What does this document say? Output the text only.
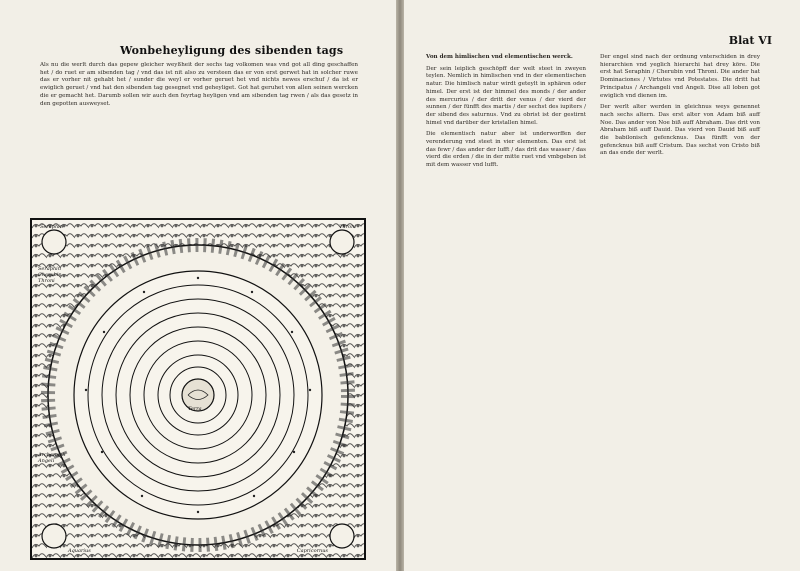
Wonbeheyligung des sibenden tags

Als nu die werlt durch das gepew gleicher weyßheit der sechs tag volkomen was vnd got all ding geschaffen het / do ruet er am sibenden tag / vnd das ist nit also zu versteen das er von erst gerwet hat in solcher ruwe das er vorher nit gehabt het / sunder die weyl er vorher geruet het vnd nichts newes erschuf / da ist er ewiglich geruet / vnd hat den sibenden tag gesegnet vnd geheyliget. Got hat geruhet von allen seinen wercken die er gemacht het. Darumb sollen wir auch den feyrtag heyligen vnd am sibenden tag rwen / als das gesetz in den gepotten ausweyset.

Seraphin	Throni
Seraphin Cherubin Throni
Archangeli Angeli
Aquarius	Capricornus
Terra
Blat VI

Von dem himlischen vnd elementischen werck.

Der sein leiplich geschöpff der welt steet in zweyen teylen. Nemlich in himlischen vnd in der elementischen natur. Die himlisch natur wirdt geteylt in sphären oder himel. Der erst ist der himmel des monds / der ander des mercurius / der dritt der venus / der vierd der sunnen / der fünfft des martis / der sechst des iupiters / der sibend des saturnus. Vnd zu obrist ist der gestirnt himel vnd darüber der kristallen himel.

Die elementisch natur aber ist underworffen der verenderung vnd steet in vier elementen. Das erst ist das fewr / das ander der lufft / das drit das wasser / das vierd die erden / die in der mitte ruet vnd vmbgeben ist mit dem wasser vnd lufft.

Der engel sind nach der ordnung vnterschiden in drey hierarchien vnd yeglich hierarchi hat drey köre. Die erst hat Seraphin / Cherubin vnd Throni. Die ander hat Dominaciones / Virtutes vnd Potestates. Die dritt hat Principatus / Archangeli vnd Angeli. Dise all loben got ewiglich vnd dienen im.

Der werlt alter werden in gleichnus weys genennet nach sechs altern. Das erst alter von Adam biß auff Noe. Das ander von Noe biß auff Abraham. Das drit von Abraham biß auff Dauid. Das vierd von Dauid biß auff die babilonisch gefencknus. Das fünfft von der gefencknus biß auff Cristum. Das sechst von Cristo biß an das ende der werlt.
